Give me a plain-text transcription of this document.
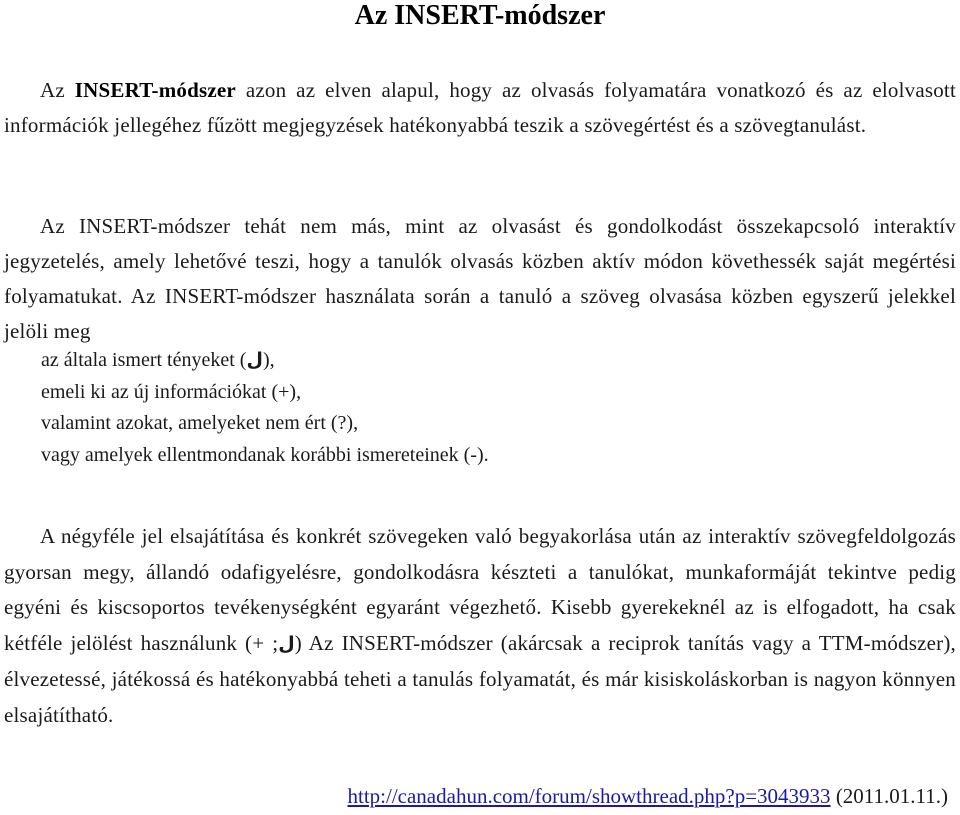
Az INSERT-módszer

Az INSERT-módszer azon az elven alapul, hogy az olvasás folyamatára vonatkozó és az elolvasott információk jellegéhez fűzött megjegyzések hatékonyabbá teszik a szövegértést és a szövegtanulást.

Az INSERT-módszer tehát nem más, mint az olvasást és gondolkodást összekapcsoló interaktív jegyzetelés, amely lehetővé teszi, hogy a tanulók olvasás közben aktív módon követhessék saját megértési folyamatukat. Az INSERT-módszer használata során a tanuló a szöveg olvasása közben egyszerű jelekkel jelöli meg

az általa ismert tényeket (ل),
emeli ki az új információkat (+),
valamint azokat, amelyeket nem ért (?),
vagy amelyek ellentmondanak korábbi ismereteinek (-).

A négyféle jel elsajátítása és konkrét szövegeken való begyakorlása után az interaktív szövegfeldolgozás gyorsan megy, állandó odafigyelésre, gondolkodásra készteti a tanulókat, munkaformáját tekintve pedig egyéni és kiscsoportos tevékenységként egyaránt végezhető. Kisebb gyerekeknél az is elfogadott, ha csak kétféle jelölést használunk (+ ;ل) Az INSERT-módszer (akárcsak a reciprok tanítás vagy a TTM-módszer), élvezetessé, játékossá és hatékonyabbá teheti a tanulás folyamatát, és már kisiskoláskorban is nagyon könnyen elsajátítható.

http://canadahun.com/forum/showthread.php?p=3043933 (2011.01.11.)
